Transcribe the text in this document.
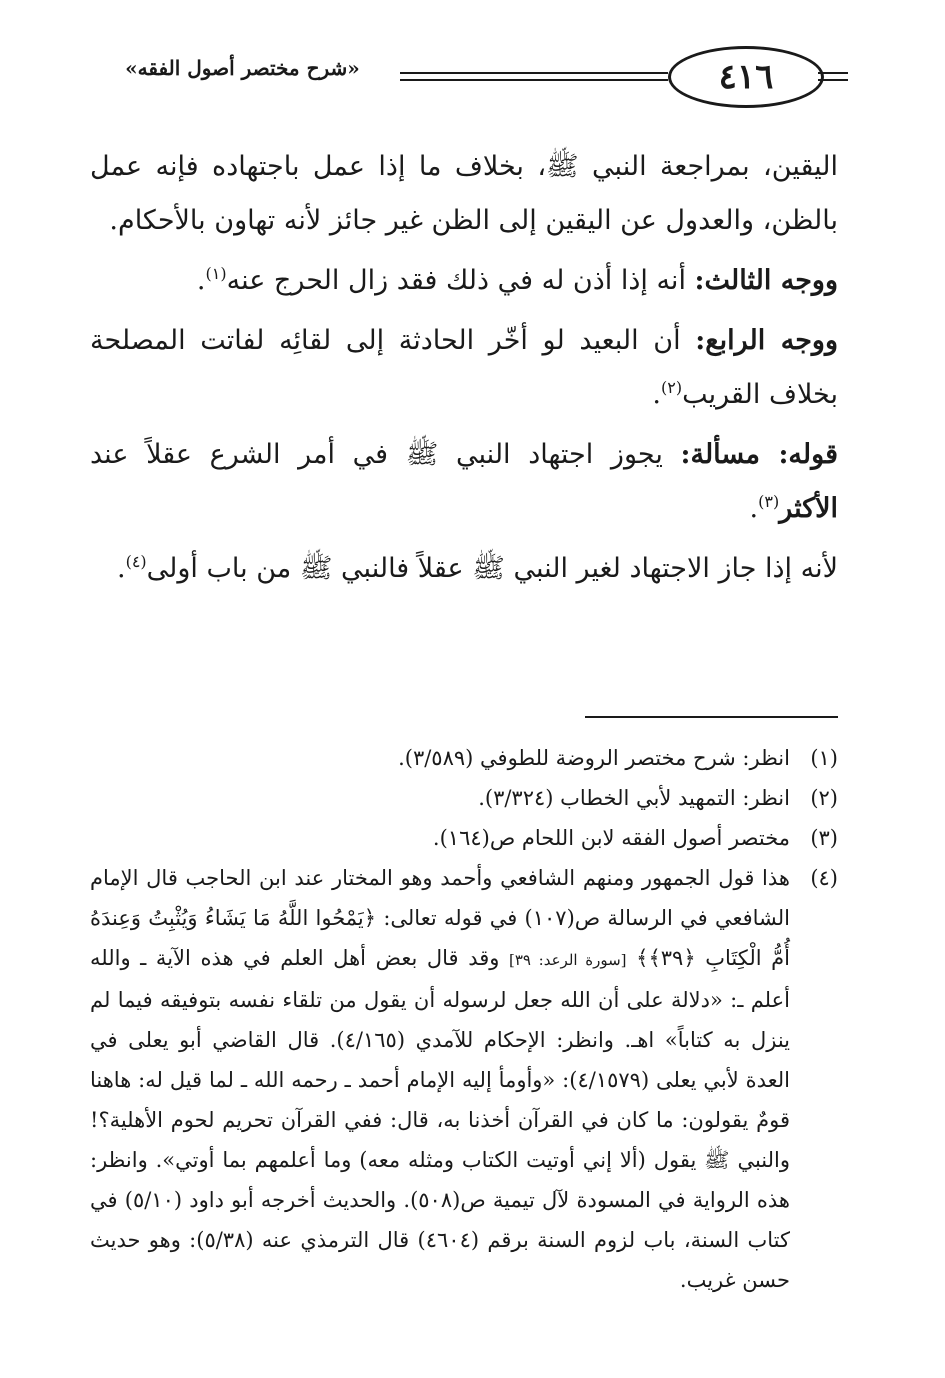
«شرح مختصر أصول الفقه»	٤١٦

اليقين، بمراجعة النبي ﷺ، بخلاف ما إذا عمل باجتهاده فإنه عمل بالظن، والعدول عن اليقين إلى الظن غير جائز لأنه تهاون بالأحكام.

ووجه الثالث: أنه إذا أذن له في ذلك فقد زال الحرج عنه$^{(١)}$.

ووجه الرابع: أن البعيد لو أخّر الحادثة إلى لقائِه لفاتت المصلحة بخلاف القريب$^{(٢)}$.

قوله: مسألة: يجوز اجتهاد النبي ﷺ في أمر الشرع عقلاً عند الأكثر$^{(٣)}$.

لأنه إذا جاز الاجتهاد لغير النبي ﷺ عقلاً فالنبي ﷺ من باب أولى$^{(٤)}$.

(١)
انظر: شرح مختصر الروضة للطوفي (٣/٥٨٩).
(٢)
انظر: التمهيد لأبي الخطاب (٣/٣٢٤).
(٣)
مختصر أصول الفقه لابن اللحام ص(١٦٤).
(٤)
هذا قول الجمهور ومنهم الشافعي وأحمد وهو المختار عند ابن الحاجب قال الإمام الشافعي في الرسالة ص(١٠٧) في قوله تعالى: ﴿يَمْحُوا اللَّهُ مَا يَشَاءُ وَيُثْبِتُ وَعِندَهُ أُمُّ الْكِتَابِ ﴿٣٩﴾﴾ [سورة الرعد: ٣٩] وقد قال بعض أهل العلم في هذه الآية ـ والله أعلم ـ: «دلالة على أن الله جعل لرسوله أن يقول من تلقاء نفسه بتوفيقه فيما لم ينزل به كتاباً» اهـ. وانظر: الإحكام للآمدي (٤/١٦٥). قال القاضي أبو يعلى في العدة لأبي يعلى (٤/١٥٧٩): «وأومأ إليه الإمام أحمد ـ رحمه الله ـ لما قيل له: هاهنا قومٌ يقولون: ما كان في القرآن أخذنا به، قال: ففي القرآن تحريم لحوم الأهلية؟! والنبي ﷺ يقول (ألا إني أوتيت الكتاب ومثله معه) وما أعلمهم بما أوتي». وانظر: هذه الرواية في المسودة لآل تيمية ص(٥٠٨). والحديث أخرجه أبو داود (٥/١٠) في كتاب السنة، باب لزوم السنة برقم (٤٦٠٤) قال الترمذي عنه (٥/٣٨): وهو حديث حسن غريب.
